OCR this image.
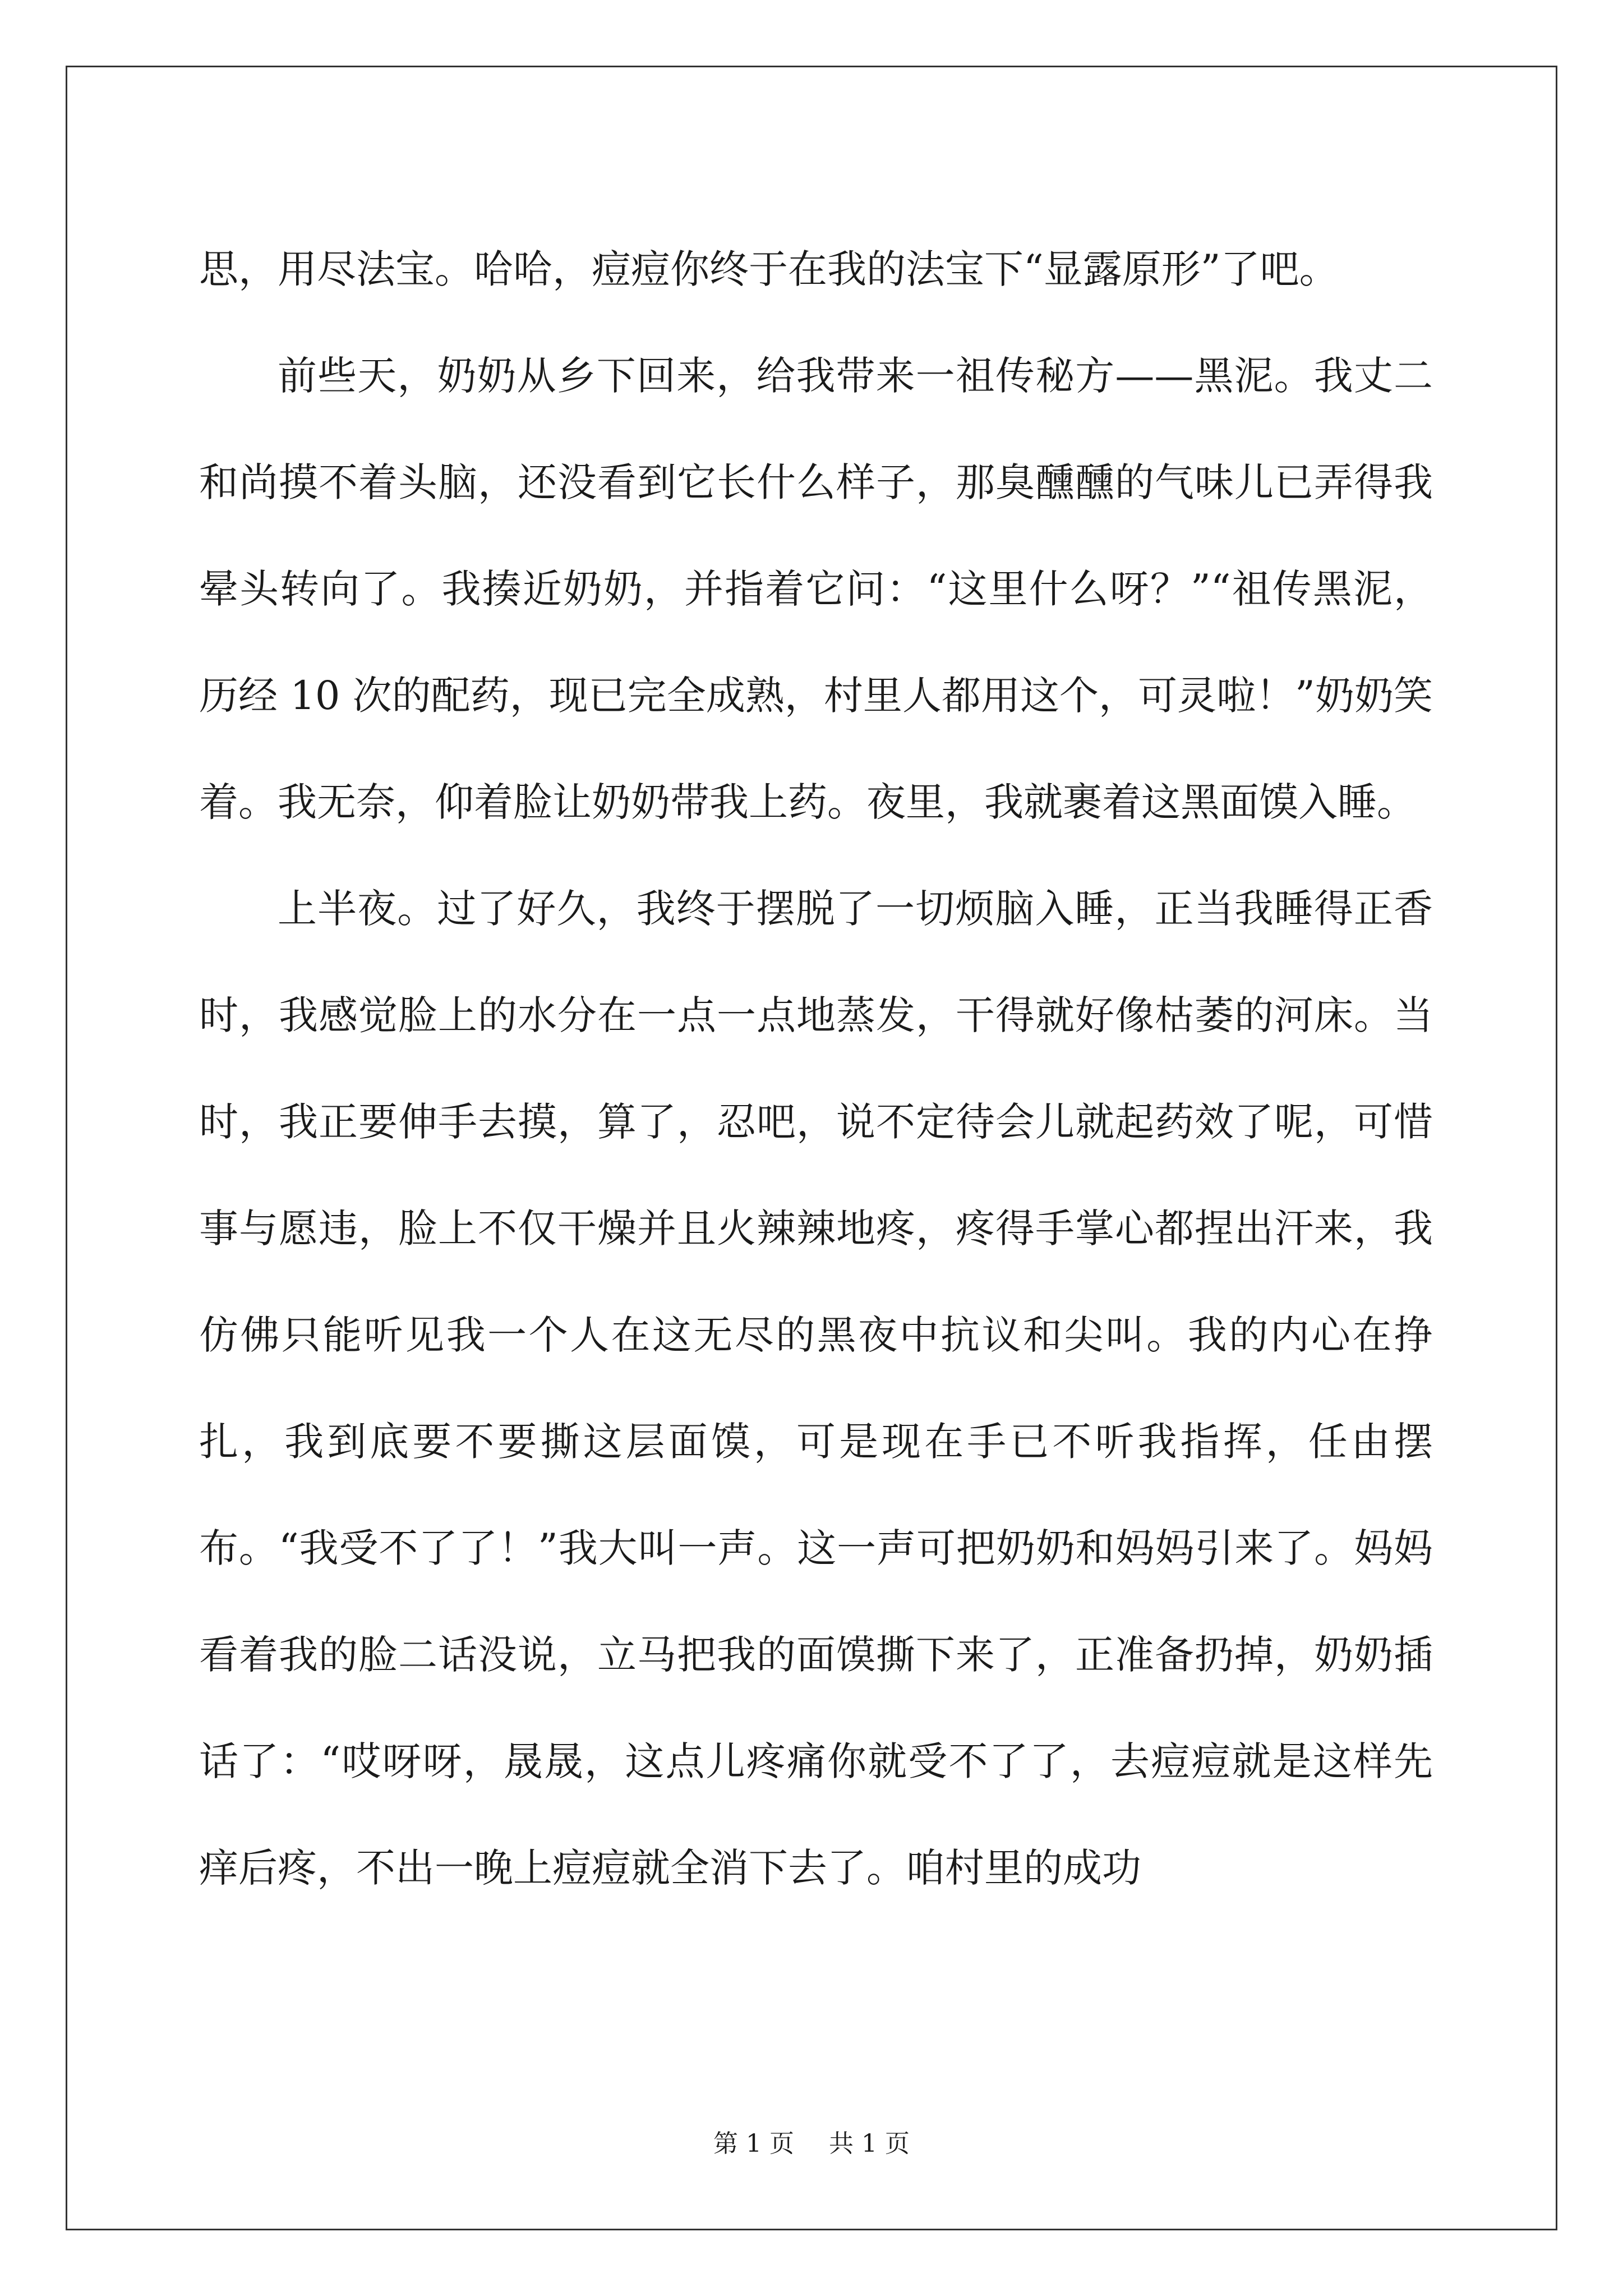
思，用尽法宝。哈哈，痘痘你终于在我的法宝下“显露原形”了吧。

前些天，奶奶从乡下回来，给我带来一祖传秘方——黑泥。我丈二和尚摸不着头脑，还没看到它长什么样子，那臭醺醺的气味儿已弄得我晕头转向了。我揍近奶奶，并指着它问：“这里什么呀？”“祖传黑泥，历经 10 次的配药，现已完全成熟，村里人都用这个，可灵啦！”奶奶笑着。我无奈，仰着脸让奶奶带我上药。夜里，我就裹着这黑面馍入睡。

上半夜。过了好久，我终于摆脱了一切烦脑入睡，正当我睡得正香时，我感觉脸上的水分在一点一点地蒸发，干得就好像枯萎的河床。当时，我正要伸手去摸，算了，忍吧，说不定待会儿就起药效了呢，可惜事与愿违，脸上不仅干燥并且火辣辣地疼，疼得手掌心都捏出汗来，我仿佛只能听见我一个人在这无尽的黑夜中抗议和尖叫。我的内心在挣扎，我到底要不要撕这层面馍，可是现在手已不听我指挥，任由摆布。“我受不了了！”我大叫一声。这一声可把奶奶和妈妈引来了。妈妈看着我的脸二话没说，立马把我的面馍撕下来了，正准备扔掉，奶奶插话了：“哎呀呀，晟晟，这点儿疼痛你就受不了了，去痘痘就是这样先痒后疼，不出一晚上痘痘就全消下去了。咱村里的成功

第 1 页 共 1 页
